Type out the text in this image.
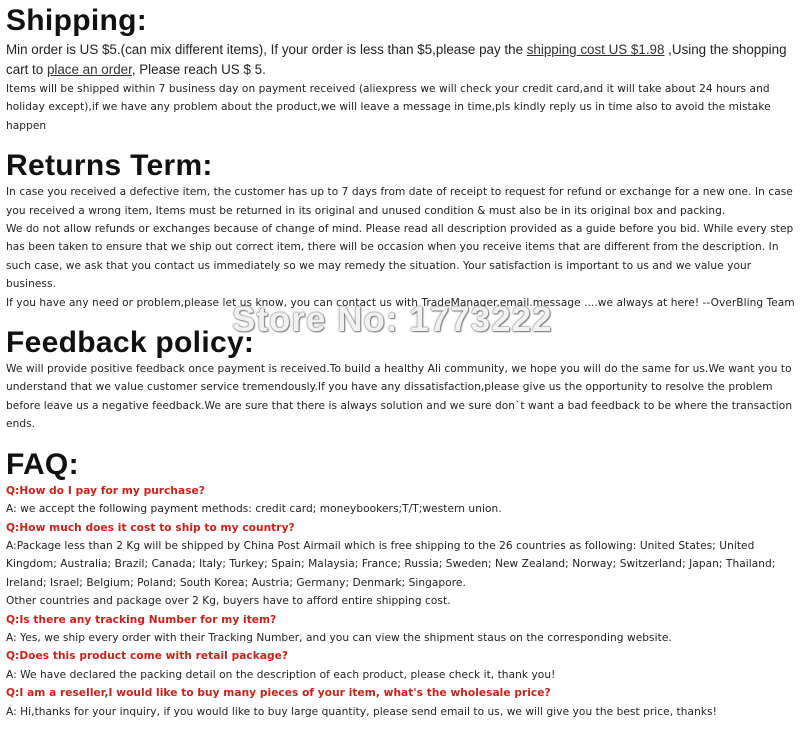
Shipping:
Min order is US $5.(can mix different items), If your order is less than $5,please pay the shipping cost US $1.98 ,Using the shopping cart to place an order, Please reach US $ 5.

Items will be shipped within 7 business day on payment received (aliexpress we will check your credit card,and it will take about 24 hours and holiday except),if we have any problem about the product,we will leave a message in time,pls kindly reply us in time also to avoid the mistake happen

Returns Term:

In case you received a defective item, the customer has up to 7 days from date of receipt to request for refund or exchange for a new one. In case you received a wrong item, Items must be returned in its original and unused condition & must also be in its original box and packing.

We do not allow refunds or exchanges because of change of mind. Please read all description provided as a guide before you bid. While every step has been taken to ensure that we ship out correct item, there will be occasion when you receive items that are different from the description. In such case, we ask that you contact us immediately so we may remedy the situation. Your satisfaction is important to us and we value your business.

If you have any need or problem,please let us know, you can contact us with TradeManager.email.message ....we always at here! --OverBling Team

Feedback policy:

We will provide positive feedback once payment is received.To build a healthy Ali community, we hope you will do the same for us.We want you to understand that we value customer service tremendously.If you have any dissatisfaction,please give us the opportunity to resolve the problem before leave us a negative feedback.We are sure that there is always solution and we sure don`t want a bad feedback to be where the transaction ends.

FAQ:

Q:How do I pay for my purchase?

A: we accept the following payment methods: credit card; moneybookers;T/T;western union.

Q:How much does it cost to ship to my country?

A:Package less than 2 Kg will be shipped by China Post Airmail which is free shipping to the 26 countries as following: United States; United Kingdom; Australia; Brazil; Canada; Italy; Turkey; Spain; Malaysia; France; Russia; Sweden; New Zealand; Norway; Switzerland; Japan; Thailand; Ireland; Israel; Belgium; Poland; South Korea; Austria; Germany; Denmark; Singapore.

Other countries and package over 2 Kg, buyers have to afford entire shipping cost.

Q:Is there any tracking Number for my item?

A: Yes, we ship every order with their Tracking Number, and you can view the shipment staus on the corresponding website.

Q:Does this product come with retail package?

A: We have declared the packing detail on the description of each product, please check it, thank you!

Q:I am a reseller,I would like to buy many pieces of your item, what's the wholesale price?

A: Hi,thanks for your inquiry, if you would like to buy large quantity, please send email to us, we will give you the best price, thanks!

Store No: 1773222
